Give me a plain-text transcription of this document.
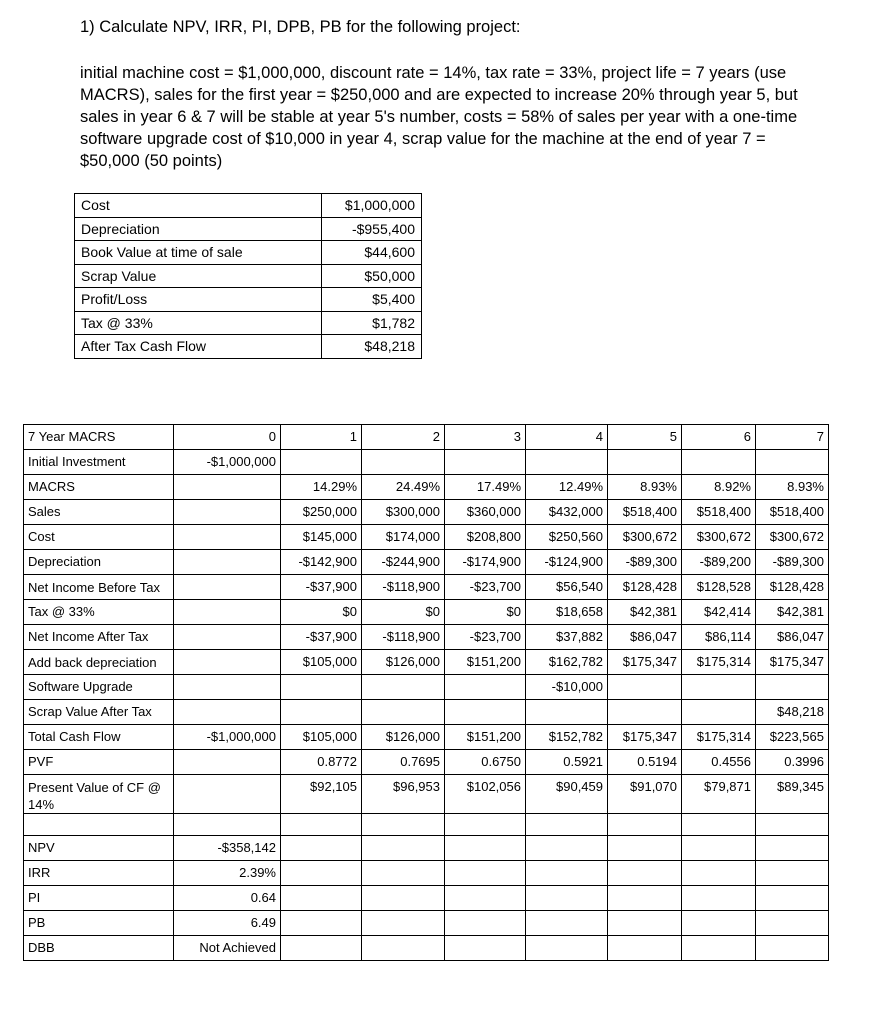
1) Calculate NPV, IRR, PI, DPB, PB for the following project:
initial machine cost = $1,000,000, discount rate = 14%, tax rate = 33%, project life = 7 years (use MACRS), sales for the first year = $250,000 and are expected to increase 20% through year 5, but sales in year 6 & 7 will be stable at year 5's number, costs = 58% of sales per year with a one-time software upgrade cost of $10,000 in year 4, scrap value for the machine at the end of year 7 = $50,000 (50 points)
Cost	$1,000,000
Depreciation	-$955,400
Book Value at time of sale	$44,600
Scrap Value	$50,000
Profit/Loss	$5,400
Tax @ 33%	$1,782
After Tax Cash Flow	$48,218
7 Year MACRS	0	1	2	3	4	5	6	7
Initial Investment	-$1,000,000							
MACRS		14.29%	24.49%	17.49%	12.49%	8.93%	8.92%	8.93%
Sales		$250,000	$300,000	$360,000	$432,000	$518,400	$518,400	$518,400
Cost		$145,000	$174,000	$208,800	$250,560	$300,672	$300,672	$300,672
Depreciation		-$142,900	-$244,900	-$174,900	-$124,900	-$89,300	-$89,200	-$89,300
Net Income Before Tax		-$37,900	-$118,900	-$23,700	$56,540	$128,428	$128,528	$128,428
Tax @ 33%		$0	$0	$0	$18,658	$42,381	$42,414	$42,381
Net Income After Tax		-$37,900	-$118,900	-$23,700	$37,882	$86,047	$86,114	$86,047
Add back depreciation		$105,000	$126,000	$151,200	$162,782	$175,347	$175,314	$175,347
Software Upgrade					-$10,000			
Scrap Value After Tax								$48,218
Total Cash Flow	-$1,000,000	$105,000	$126,000	$151,200	$152,782	$175,347	$175,314	$223,565
PVF		0.8772	0.7695	0.6750	0.5921	0.5194	0.4556	0.3996
Present Value of CF @ 14%		$92,105	$96,953	$102,056	$90,459	$91,070	$79,871	$89,345

NPV	-$358,142							
IRR	2.39%							
PI	0.64							
PB	6.49							
DBB	Not Achieved							
